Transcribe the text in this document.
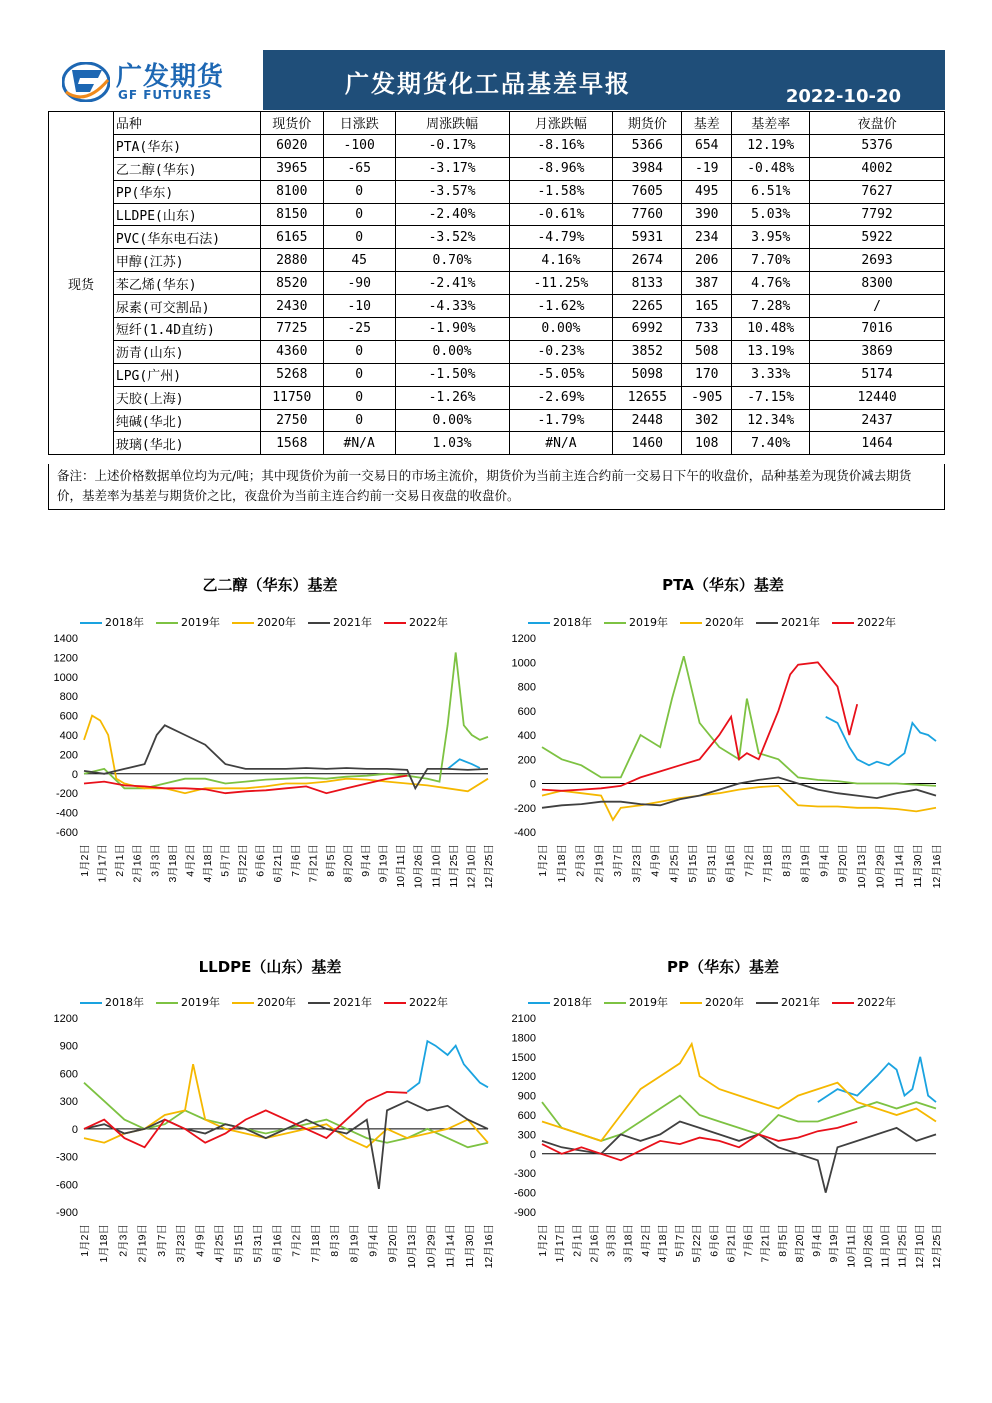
广发期货
GF FUTURES	广发期货化工品基差早报	2022-10-20
现货	品种	现货价	日涨跌	周涨跌幅	月涨跌幅	期货价	基差	基差率	夜盘价
	PTA(华东)	6020	-100	-0.17%	-8.16%	5366	654	12.19%	5376
	乙二醇(华东)	3965	-65	-3.17%	-8.96%	3984	-19	-0.48%	4002
	PP(华东)	8100	0	-3.57%	-1.58%	7605	495	6.51%	7627
	LLDPE(山东)	8150	0	-2.40%	-0.61%	7760	390	5.03%	7792
	PVC(华东电石法)	6165	0	-3.52%	-4.79%	5931	234	3.95%	5922
	甲醇(江苏)	2880	45	0.70%	4.16%	2674	206	7.70%	2693
	苯乙烯(华东)	8520	-90	-2.41%	-11.25%	8133	387	4.76%	8300
	尿素(可交割品)	2430	-10	-4.33%	-1.62%	2265	165	7.28%	/
	短纤(1.4D直纺)	7725	-25	-1.90%	0.00%	6992	733	10.48%	7016
	沥青(山东)	4360	0	0.00%	-0.23%	3852	508	13.19%	3869
	LPG(广州)	5268	0	-1.50%	-5.05%	5098	170	3.33%	5174
	天胶(上海)	11750	0	-1.26%	-2.69%	12655	-905	-7.15%	12440
	纯碱(华北)	2750	0	0.00%	-1.79%	2448	302	12.34%	2437
	玻璃(华北)	1568	#N/A	1.03%	#N/A	1460	108	7.40%	1464
备注：上述价格数据单位均为元/吨；其中现货价为前一交易日的市场主流价，期货价为当前主连合约前一交易日下午的收盘价，品种基差为现货价减去期货价，基差率为基差与期货价之比，夜盘价为当前主连合约前一交易日夜盘的收盘价。
乙二醇（华东）基差
2018年	2019年	2020年	2021年	2022年
-600
-400
-200
0
200
400
600
800
1000
1200
1400
1月2日 1月17日 2月1日 2月16日 3月3日 3月18日 4月2日 4月18日 5月7日 5月22日 6月6日 6月21日 7月6日 7月21日 8月5日 8月20日 9月4日 9月19日 10月11日 10月26日 11月10日 11月25日 12月10日 12月25日
PTA（华东）基差
2018年	2019年	2020年	2021年	2022年
-400
-200
0
200
400
600
800
1000
1200
1月2日 1月18日 2月3日 2月19日 3月7日 3月23日 4月9日 4月25日 5月15日 5月31日 6月16日 7月2日 7月18日 8月3日 8月19日 9月4日 9月20日 10月13日 10月29日 11月14日 11月30日 12月16日
LLDPE（山东）基差
2018年	2019年	2020年	2021年	2022年
-900
-600
-300
0
300
600
900
1200
1月2日 1月18日 2月3日 2月19日 3月7日 3月23日 4月9日 4月25日 5月15日 5月31日 6月16日 7月2日 7月18日 8月3日 8月19日 9月4日 9月20日 10月13日 10月29日 11月14日 11月30日 12月16日
PP（华东）基差
2018年	2019年	2020年	2021年	2022年
-900
-600
-300
0
300
600
900
1200
1500
1800
2100
1月2日 1月17日 2月1日 2月16日 3月3日 3月18日 4月2日 4月18日 5月7日 5月22日 6月6日 6月21日 7月6日 7月21日 8月5日 8月20日 9月4日 9月19日 10月11日 10月26日 11月10日 11月25日 12月10日 12月25日
